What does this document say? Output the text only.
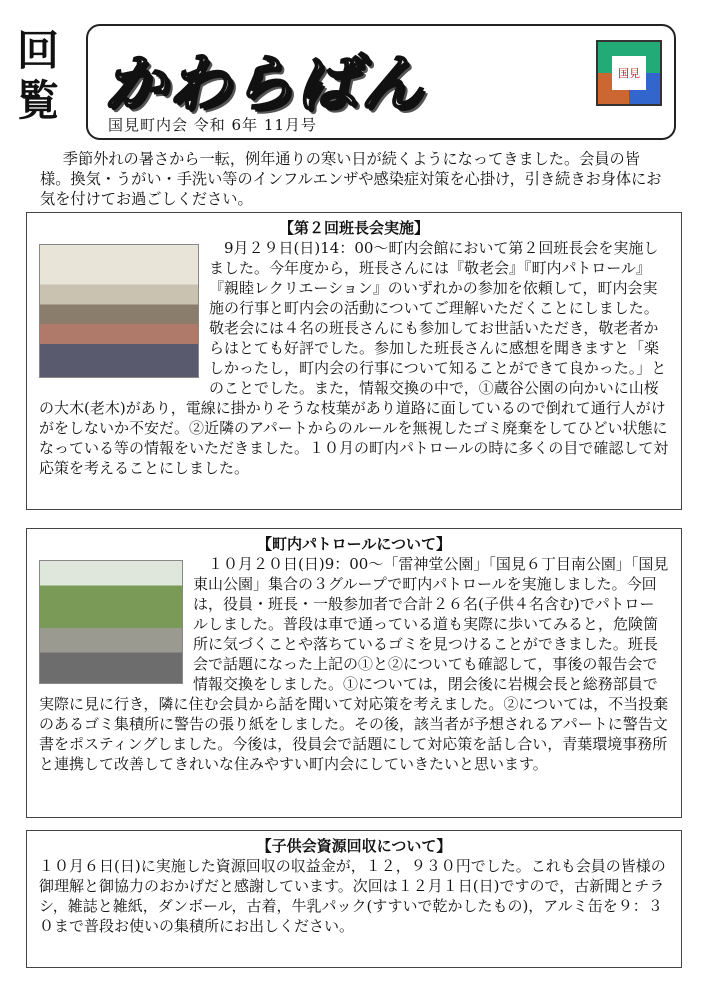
回
覧 かわらばん
国見町内会 令和 6年 11月号
国見
季節外れの暑さから一転，例年通りの寒い日が続くようになってきました。会員の皆様。換気・うがい・手洗い等のインフルエンザや感染症対策を心掛け，引き続きお身体にお気を付けてお過ごしください。
【第２回班長会実施】
　9月２９日(日)14：00～町内会館において第２回班長会を実施しました。今年度から，班長さんには『敬老会』『町内パトロール』『親睦レクリエーション』のいずれかの参加を依頼して，町内会実施の行事と町内会の活動についてご理解いただくことにしました。敬老会には４名の班長さんにも参加してお世話いただき，敬老者からはとても好評でした。参加した班長さんに感想を聞きますと「楽しかったし，町内会の行事について知ることができて良かった。」とのことでした。また，情報交換の中で，①蔵谷公園の向かいに山桜の大木(老木)があり，電線に掛かりそうな枝葉があり道路に面しているので倒れて通行人がけがをしないか不安だ。②近隣のアパートからのルールを無視したゴミ廃棄をしてひどい状態になっている等の情報をいただきました。１０月の町内パトロールの時に多くの目で確認して対応策を考えることにしました。
【町内パトロールについて】
　１０月２０日(日)9：00～「雷神堂公園」「国見６丁目南公園」「国見東山公園」集合の３グループで町内パトロールを実施しました。今回は，役員・班長・一般参加者で合計２６名(子供４名含む)でパトロールしました。普段は車で通っている道も実際に歩いてみると，危険箇所に気づくことや落ちているゴミを見つけることができました。班長会で話題になった上記の①と②についても確認して，事後の報告会で情報交換をしました。①については，閉会後に岩槻会長と総務部員で実際に見に行き，隣に住む会員から話を聞いて対応策を考えました。②については，不当投棄のあるゴミ集積所に警告の張り紙をしました。その後，該当者が予想されるアパートに警告文書をポスティングしました。今後は，役員会で話題にして対応策を話し合い，青葉環境事務所と連携して改善してきれいな住みやすい町内会にしていきたいと思います。
【子供会資源回収について】
１０月６日(日)に実施した資源回収の収益金が，１２，９３０円でした。これも会員の皆様の御理解と御協力のおかげだと感謝しています。次回は１２月１日(日)ですので，古新聞とチラシ，雑誌と雑紙，ダンボール，古着，牛乳パック(すすいで乾かしたもの)，アルミ缶を９：３０まで普段お使いの集積所にお出しください。
